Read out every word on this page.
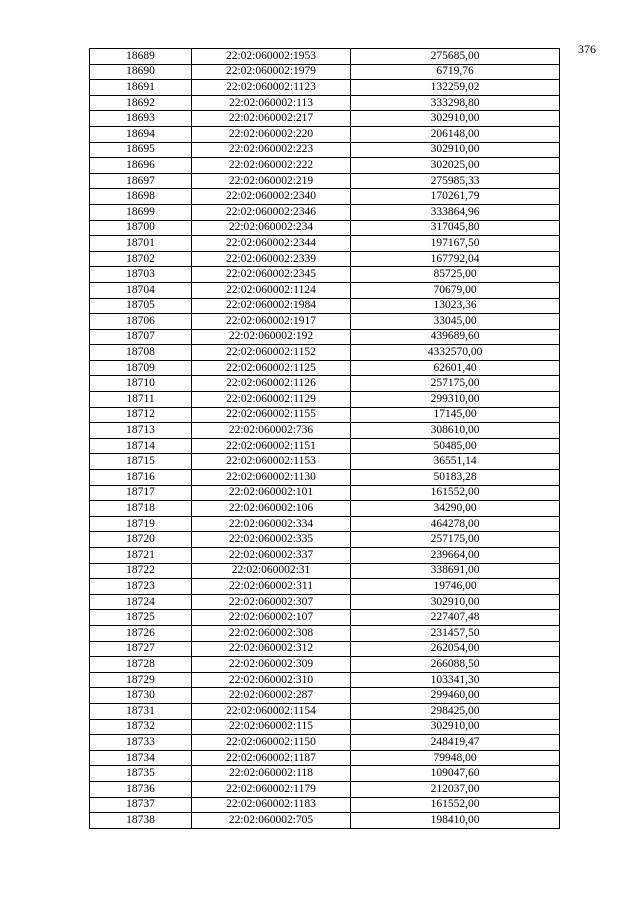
376
18689	22:02:060002:1953	275685,00
18690	22:02:060002:1979	6719,76
18691	22:02:060002:1123	132259,02
18692	22:02:060002:113	333298,80
18693	22:02:060002:217	302910,00
18694	22:02:060002:220	206148,00
18695	22:02:060002:223	302910,00
18696	22:02:060002:222	302025,00
18697	22:02:060002:219	275985,33
18698	22:02:060002:2340	170261,79
18699	22:02:060002:2346	333864,96
18700	22:02:060002:234	317045,80
18701	22:02:060002:2344	197167,50
18702	22:02:060002:2339	167792,04
18703	22:02:060002:2345	85725,00
18704	22:02:060002:1124	70679,00
18705	22:02:060002:1984	13023,36
18706	22:02:060002:1917	33045,00
18707	22:02:060002:192	439689,60
18708	22:02:060002:1152	4332570,00
18709	22:02:060002:1125	62601,40
18710	22:02:060002:1126	257175,00
18711	22:02:060002:1129	299310,00
18712	22:02:060002:1155	17145,00
18713	22:02:060002:736	308610,00
18714	22:02:060002:1151	50485,00
18715	22:02:060002:1153	36551,14
18716	22:02:060002:1130	50183,28
18717	22:02:060002:101	161552,00
18718	22:02:060002:106	34290,00
18719	22:02:060002:334	464278,00
18720	22:02:060002:335	257175,00
18721	22:02:060002:337	239664,00
18722	22:02:060002:31	338691,00
18723	22:02:060002:311	19746,00
18724	22:02:060002:307	302910,00
18725	22:02:060002:107	227407,48
18726	22:02:060002:308	231457,50
18727	22:02:060002:312	262054,00
18728	22:02:060002:309	266088,50
18729	22:02:060002:310	103341,30
18730	22:02:060002:287	299460,00
18731	22:02:060002:1154	298425,00
18732	22:02:060002:115	302910,00
18733	22:02:060002:1150	248419,47
18734	22:02:060002:1187	79948,00
18735	22:02:060002:118	109047,60
18736	22:02:060002:1179	212037,00
18737	22:02:060002:1183	161552,00
18738	22:02:060002:705	198410,00
